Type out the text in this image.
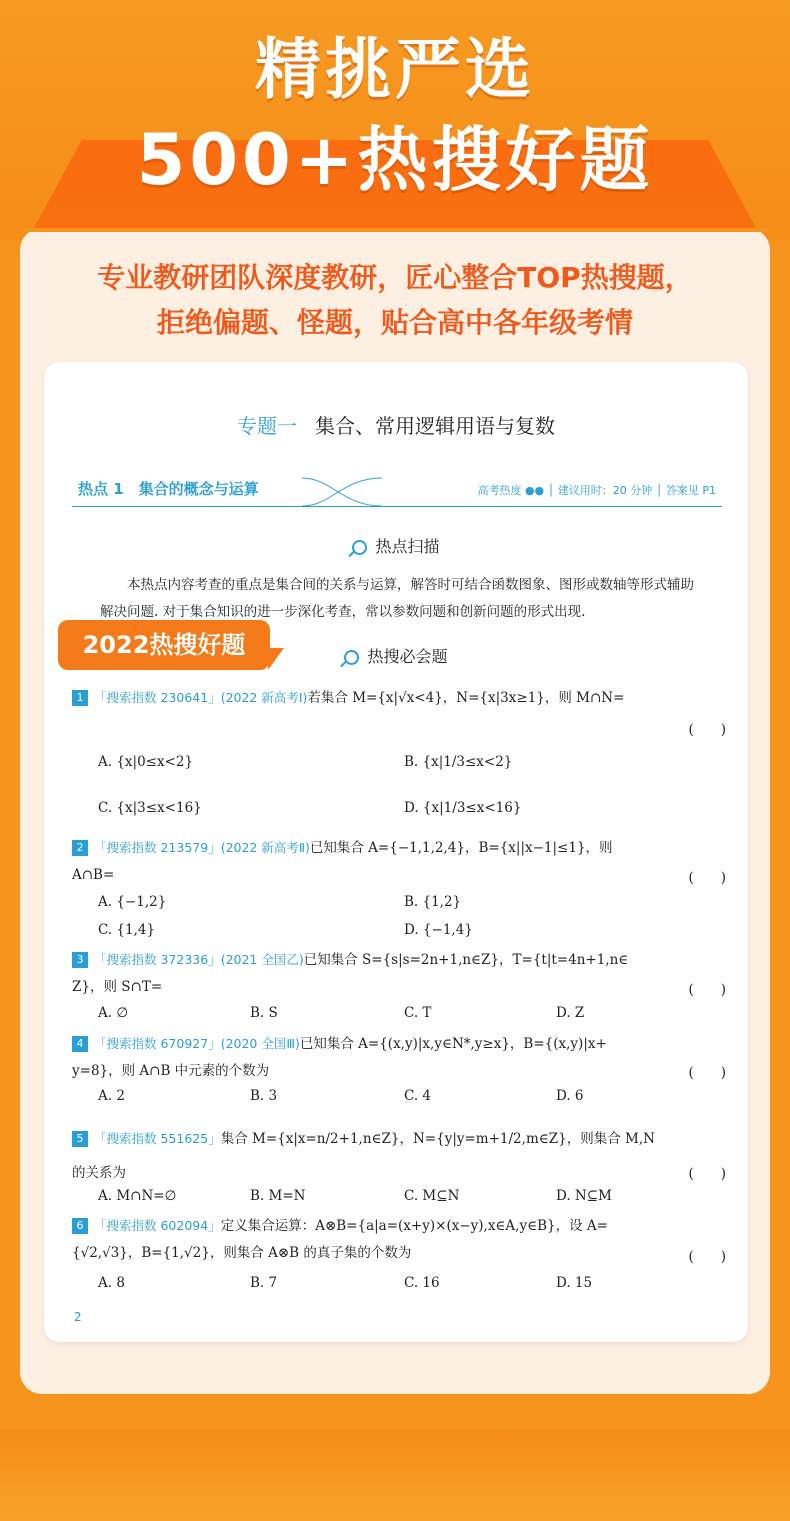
精挑严选
500+热搜好题
专业教研团队深度教研，匠心整合TOP热搜题，
拒绝偏题、怪题，贴合高中各年级考情
专题一 集合、常用逻辑用语与复数
热点 1　集合的概念与运算	高考热度 ●● │ 建议用时：20 分钟 │ 答案见 P1
热点扫描
本热点内容考查的重点是集合间的关系与运算，解答时可结合函数图象、图形或数轴等形式辅助解决问题. 对于集合知识的进一步深化考查，常以参数问题和创新问题的形式出现.
热搜必会题
1 「搜索指数 230641」(2022 新高考Ⅰ)若集合 M={x|√x<4}，N={x|3x≥1}，则 M∩N=
(　　)
A. {x|0≤x<2}	B. {x|1/3≤x<2}
C. {x|3≤x<16}	D. {x|1/3≤x<16}
2 「搜索指数 213579」(2022 新高考Ⅱ)已知集合 A={−1,1,2,4}，B={x||x−1|≤1}，则
A∩B=	(　　)
A. {−1,2}	B. {1,2}
C. {1,4}	D. {−1,4}
3 「搜索指数 372336」(2021 全国乙)已知集合 S={s|s=2n+1,n∈Z}，T={t|t=4n+1,n∈
Z}，则 S∩T=	(　　)
A. ∅	B. S	C. T	D. Z
4 「搜索指数 670927」(2020 全国Ⅲ)已知集合 A={(x,y)|x,y∈N*,y≥x}，B={(x,y)|x+
y=8}，则 A∩B 中元素的个数为	(　　)
A. 2	B. 3	C. 4	D. 6
5 「搜索指数 551625」集合 M={x|x=n/2+1,n∈Z}，N={y|y=m+1/2,m∈Z}，则集合 M,N
的关系为	(　　)
A. M∩N=∅	B. M=N	C. M⊆N	D. N⊆M
6 「搜索指数 602094」定义集合运算：A⊗B={a|a=(x+y)×(x−y),x∈A,y∈B}，设 A=
{√2,√3}，B={1,√2}，则集合 A⊗B 的真子集的个数为	(　　)
A. 8	B. 7	C. 16	D. 15
2
2022热搜好题
